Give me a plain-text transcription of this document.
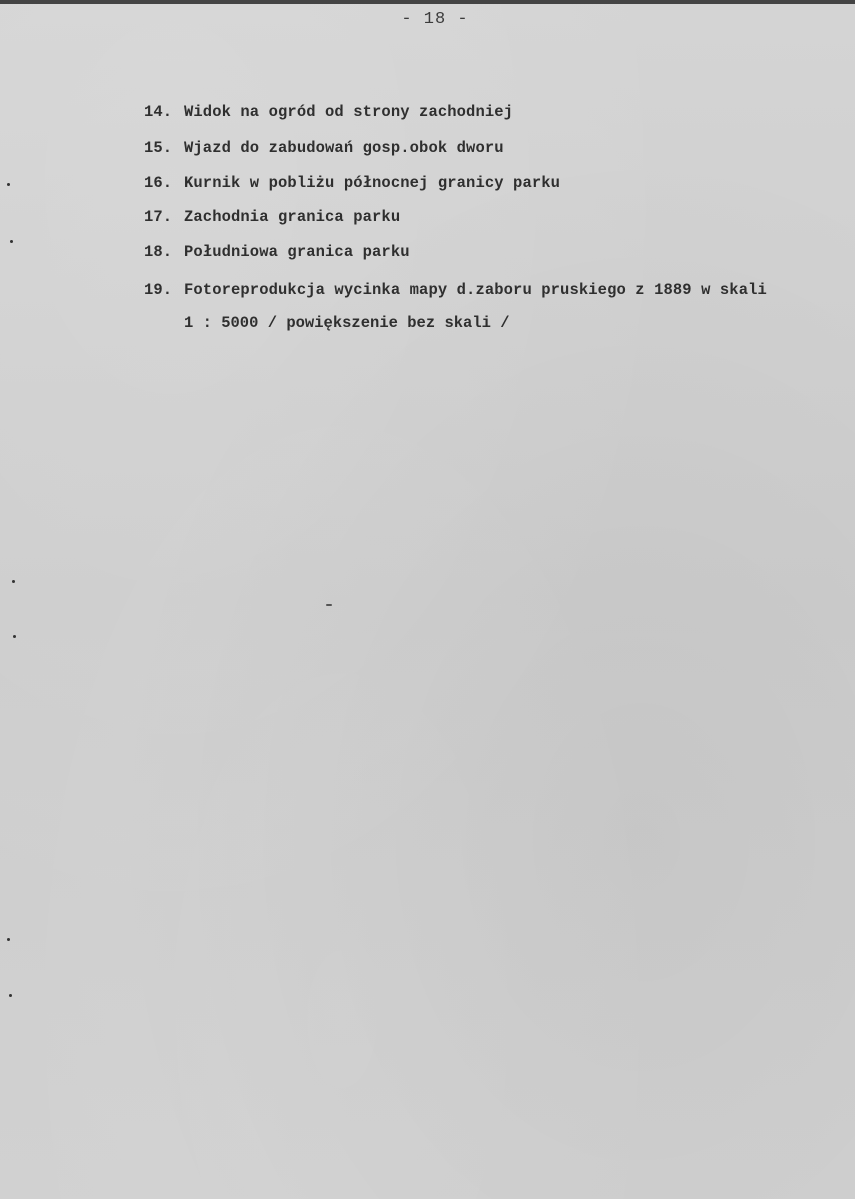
- 18 -
14. Widok na ogród od strony zachodniej
15. Wjazd do zabudowań gosp.obok dworu
16. Kurnik w pobliżu północnej granicy parku
17. Zachodnia granica parku
18. Południowa granica parku
19. Fotoreprodukcja wycinka mapy d.zaboru pruskiego z 1889 w skali
1 : 5000 / powiększenie bez skali /
